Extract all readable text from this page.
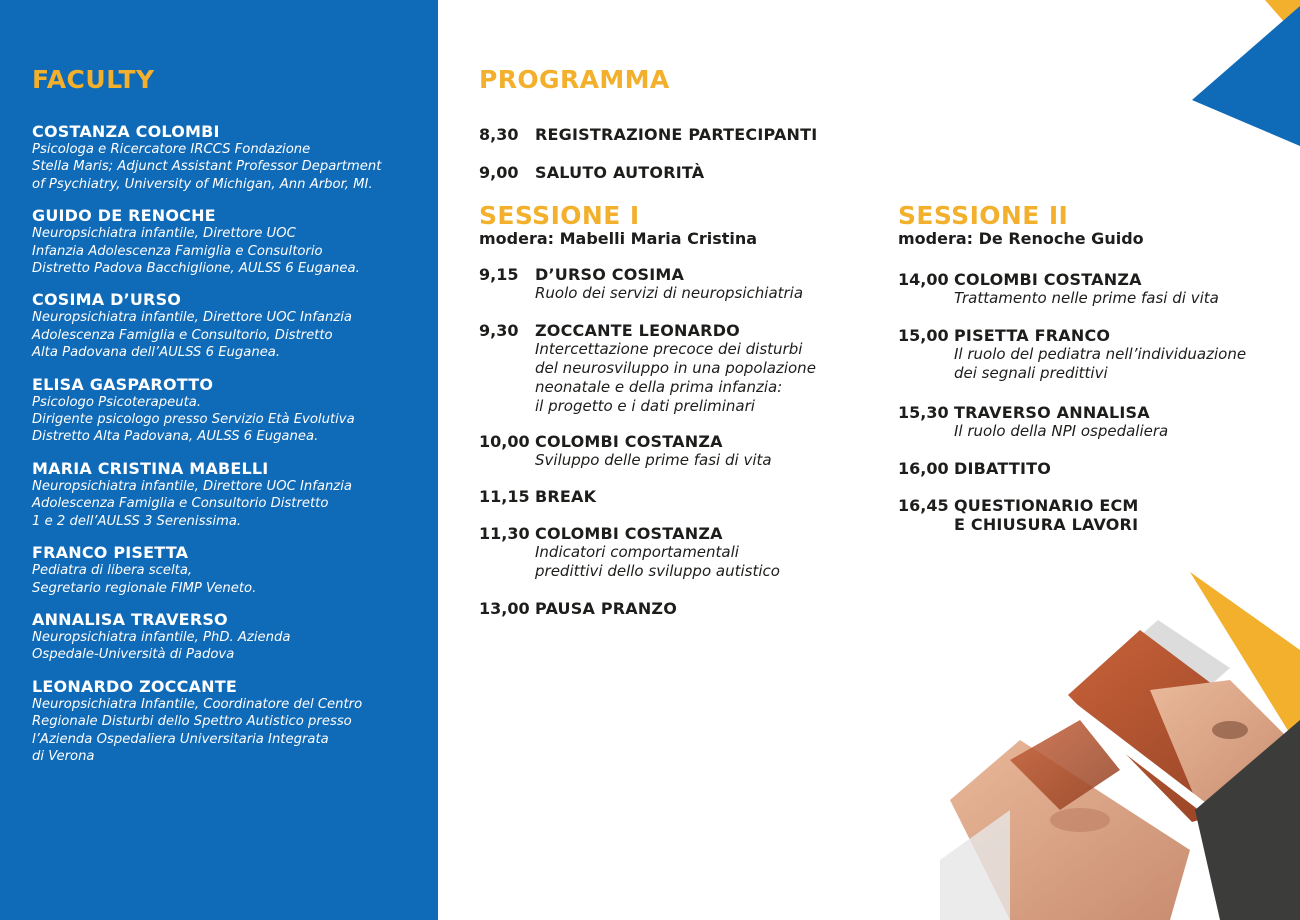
FACULTY
COSTANZA COLOMBI
Psicologa e Ricercatore IRCCS Fondazione
Stella Maris; Adjunct Assistant Professor Department
of Psychiatry, University of Michigan, Ann Arbor, MI.
GUIDO DE RENOCHE
Neuropsichiatra infantile, Direttore UOC
Infanzia Adolescenza Famiglia e Consultorio
Distretto Padova Bacchiglione, AULSS 6 Euganea.
COSIMA D’URSO
Neuropsichiatra infantile, Direttore UOC Infanzia
Adolescenza Famiglia e Consultorio, Distretto
Alta Padovana dell’AULSS 6 Euganea.
ELISA GASPAROTTO
Psicologo Psicoterapeuta.
Dirigente psicologo presso Servizio Età Evolutiva
Distretto Alta Padovana, AULSS 6 Euganea.
MARIA CRISTINA MABELLI
Neuropsichiatra infantile, Direttore UOC Infanzia
Adolescenza Famiglia e Consultorio Distretto
1 e 2 dell’AULSS 3 Serenissima.
FRANCO PISETTA
Pediatra di libera scelta,
Segretario regionale FIMP Veneto.
ANNALISA TRAVERSO
Neuropsichiatra infantile, PhD. Azienda
Ospedale-Università di Padova
LEONARDO ZOCCANTE
Neuropsichiatra Infantile, Coordinatore del Centro
Regionale Disturbi dello Spettro Autistico presso
l’Azienda Ospedaliera Universitaria Integrata
di Verona
PROGRAMMA
8,30	REGISTRAZIONE PARTECIPANTI
9,00	SALUTO AUTORITÀ
SESSIONE I
modera: Mabelli Maria Cristina
9,15	D’URSO COSIMA
Ruolo dei servizi di neuropsichiatria
9,30	ZOCCANTE LEONARDO
Intercettazione precoce dei disturbi
del neurosviluppo in una popolazione
neonatale e della prima infanzia:
il progetto e i dati preliminari
10,00 COLOMBI COSTANZA
Sviluppo delle prime fasi di vita
11,15 BREAK
11,30 COLOMBI COSTANZA
Indicatori comportamentali
predittivi dello sviluppo autistico
13,00 PAUSA PRANZO
SESSIONE II
modera: De Renoche Guido
14,00 COLOMBI COSTANZA
Trattamento nelle prime fasi di vita
15,00 PISETTA FRANCO
Il ruolo del pediatra nell’individuazione
dei segnali predittivi
15,30 TRAVERSO ANNALISA
Il ruolo della NPI ospedaliera
16,00 DIBATTITO
16,45 QUESTIONARIO ECM
E CHIUSURA LAVORI
